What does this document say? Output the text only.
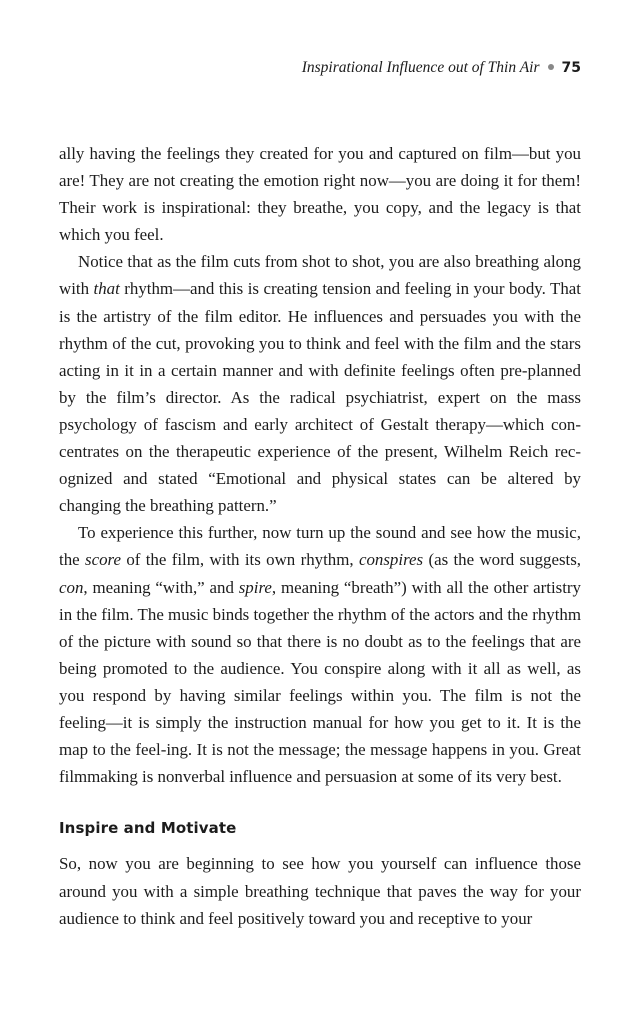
Inspirational Influence out of Thin Air 75

ally having the feelings they created for you and captured on film—but you are! They are not creating the emotion right now—you are doing it for them! Their work is inspirational: they breathe, you copy, and the legacy is that which you feel.

Notice that as the film cuts from shot to shot, you are also breathing along with that rhythm—and this is creating tension and feeling in your body. That is the artistry of the film editor. He influences and persuades you with the rhythm of the cut, provoking you to think and feel with the film and the stars acting in it in a certain manner and with definite feelings often pre-planned by the film’s director. As the radical psychiatrist, expert on the mass psychology of fascism and early architect of Gestalt therapy—which con-centrates on the therapeutic experience of the present, Wilhelm Reich rec-ognized and stated “Emotional and physical states can be altered by changing the breathing pattern.”

To experience this further, now turn up the sound and see how the music, the score of the film, with its own rhythm, conspires (as the word suggests, con, meaning “with,” and spire, meaning “breath”) with all the other artistry in the film. The music binds together the rhythm of the actors and the rhythm of the picture with sound so that there is no doubt as to the feelings that are being promoted to the audience. You conspire along with it all as well, as you respond by having similar feelings within you. The film is not the feeling—it is simply the instruction manual for how you get to it. It is the map to the feel-ing. It is not the message; the message happens in you. Great filmmaking is nonverbal influence and persuasion at some of its very best.

Inspire and Motivate

So, now you are beginning to see how you yourself can influence those around you with a simple breathing technique that paves the way for your audience to think and feel positively toward you and receptive to your
